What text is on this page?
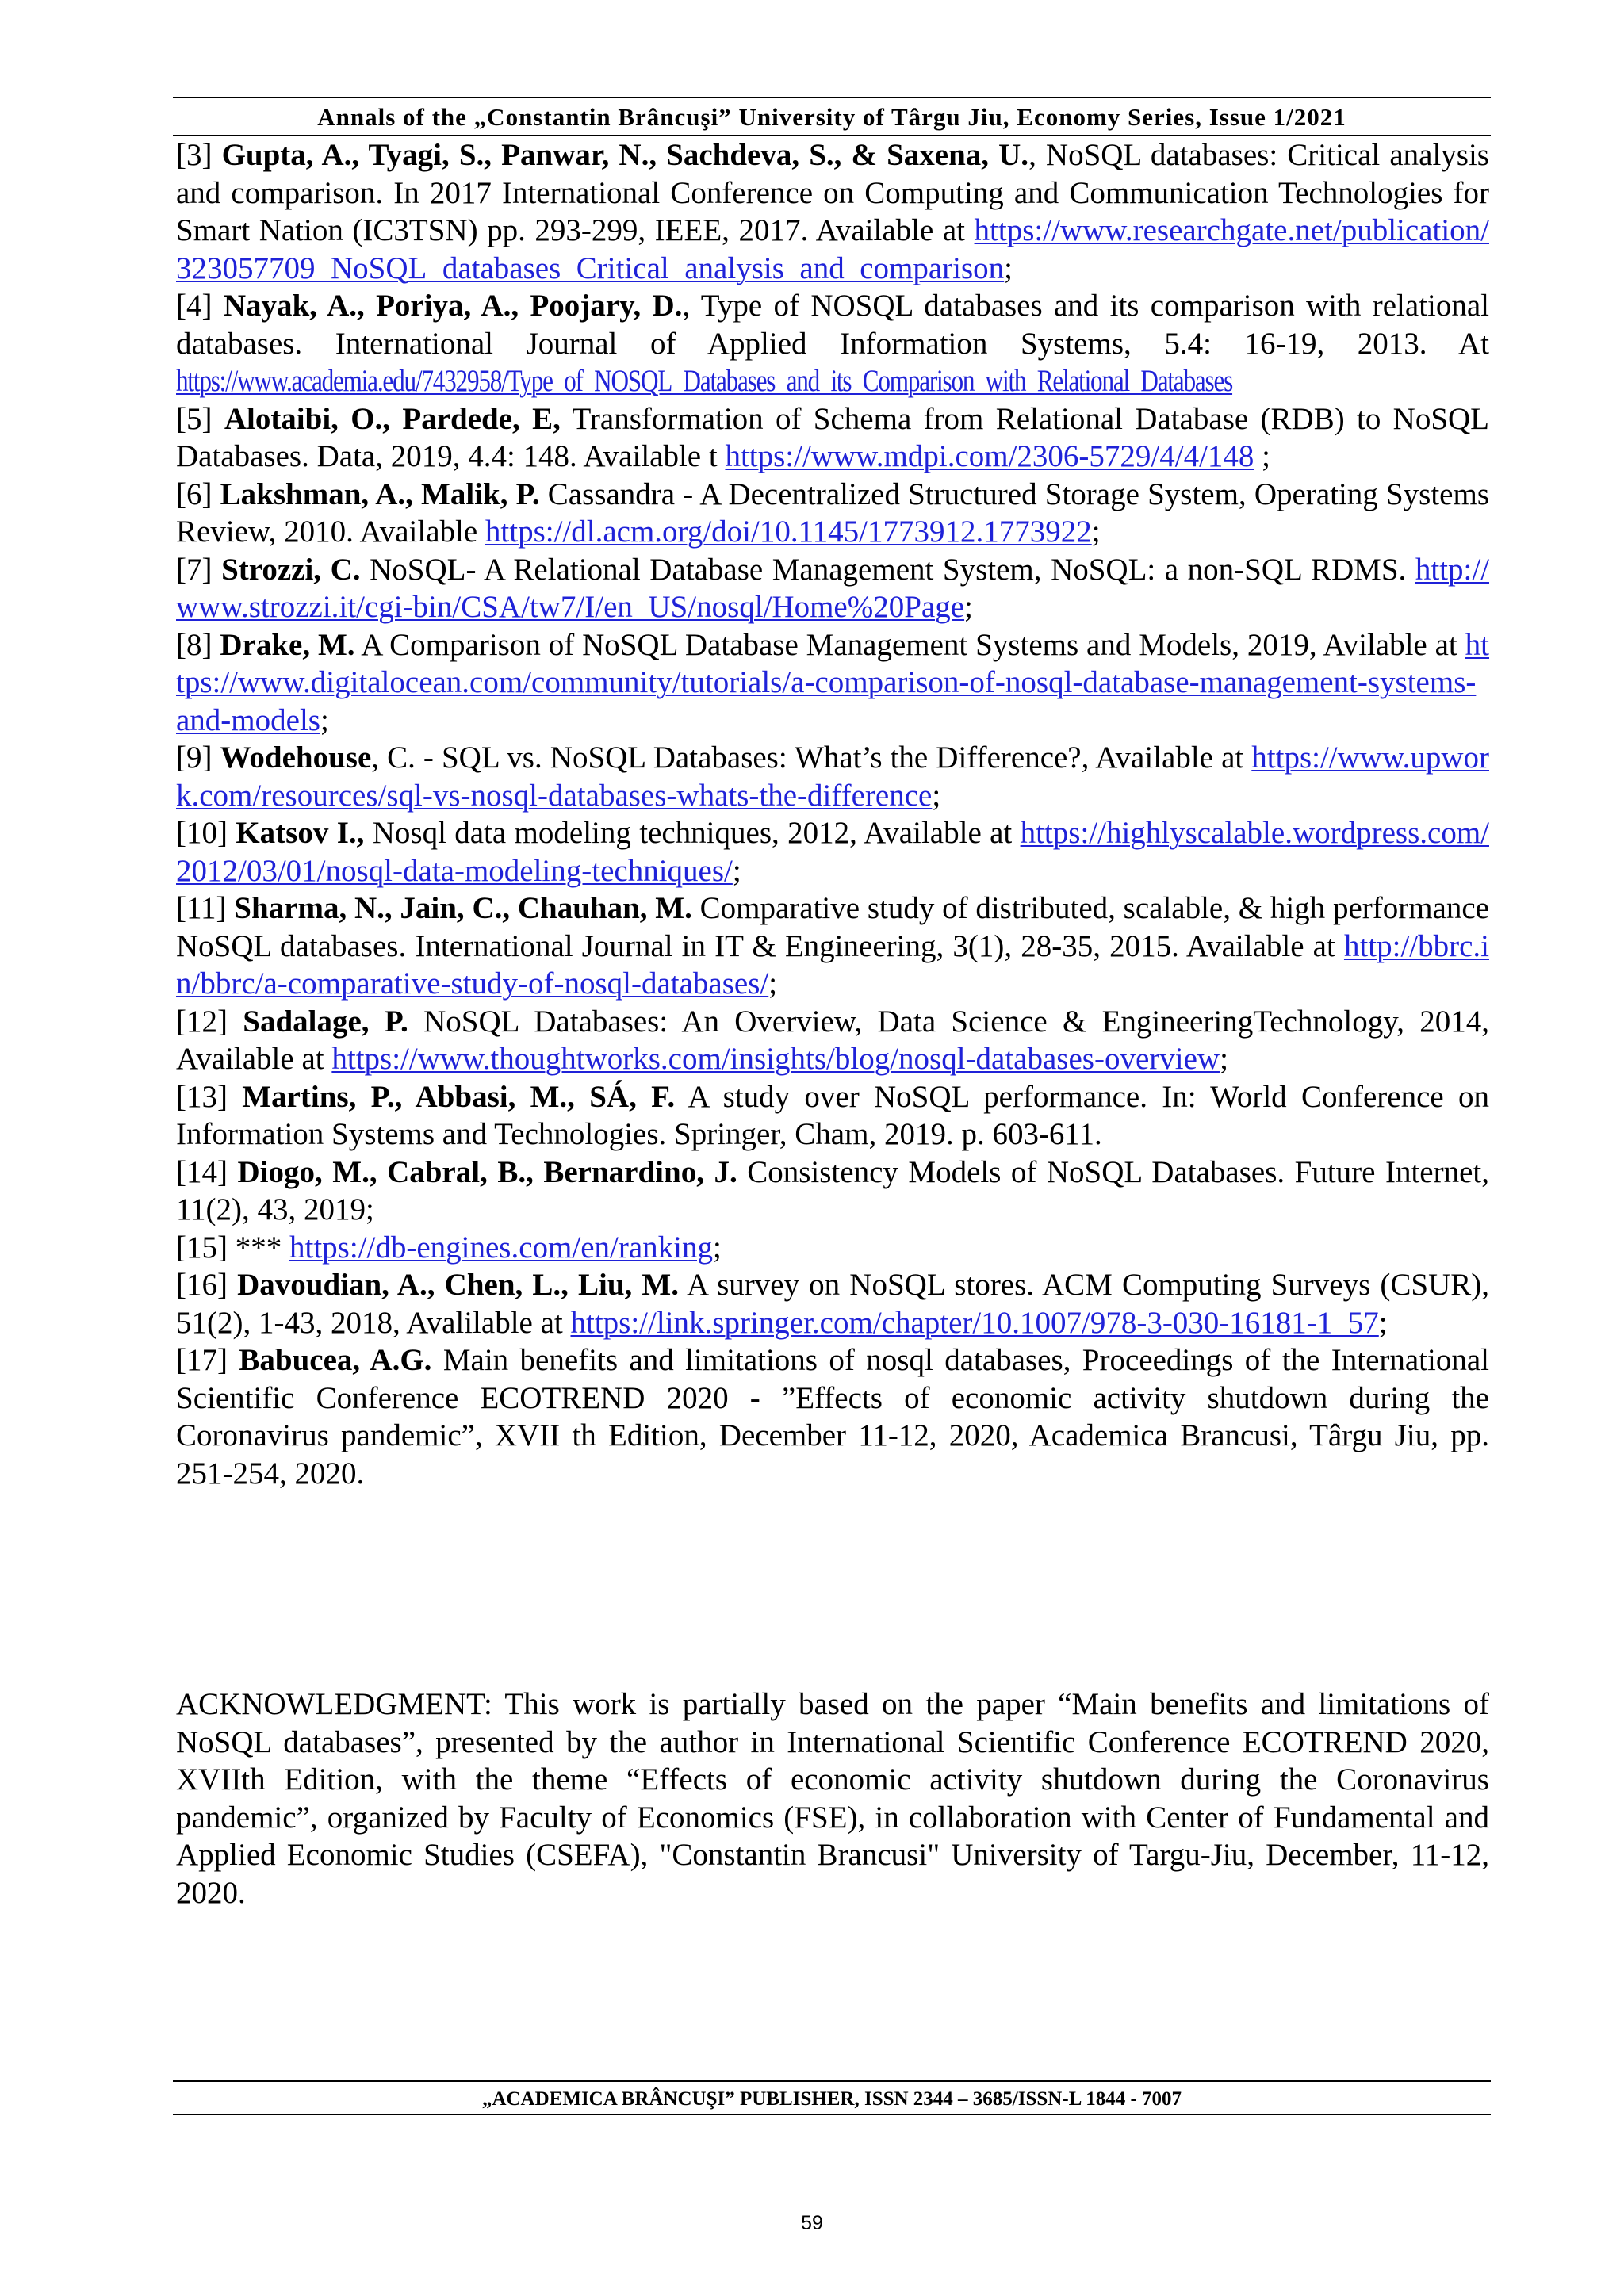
Annals of the „Constantin Brâncuşi” University of Târgu Jiu, Economy Series, Issue 1/2021

[3] Gupta, A., Tyagi, S., Panwar, N., Sachdeva, S., & Saxena, U., NoSQL databases: Critical analysis and comparison. In 2017 International Conference on Computing and Communication Technologies for Smart Nation (IC3TSN) pp. 293-299, IEEE, 2017. Available at https://www.researchgate.net/publication/323057709_NoSQL_databases_Critical_analysis_and_comparison;

[4] Nayak, A., Poriya, A., Poojary, D., Type of NOSQL databases and its comparison with relational databases. International Journal of Applied Information Systems, 5.4: 16-19, 2013. At https://www.academia.edu/7432958/Type_of_NOSQL_Databases_and_its_Comparison_with_Relational_Databases

[5] Alotaibi, O., Pardede, E, Transformation of Schema from Relational Database (RDB) to NoSQL Databases. Data, 2019, 4.4: 148. Available t https://www.mdpi.com/2306-5729/4/4/148 ;

[6] Lakshman, A., Malik, P. Cassandra - A Decentralized Structured Storage System, Operating Systems Review, 2010. Available https://dl.acm.org/doi/10.1145/1773912.1773922;

[7] Strozzi, C. NoSQL- A Relational Database Management System, NoSQL: a non-SQL RDMS. http://www.strozzi.it/cgi-bin/CSA/tw7/I/en_US/nosql/Home%20Page;

[8] Drake, M. A Comparison of NoSQL Database Management Systems and Models, 2019, Avilable at https://www.digitalocean.com/community/tutorials/a-comparison-of-nosql-database-management-systems-and-models;

[9] Wodehouse, C. - SQL vs. NoSQL Databases: What’s the Difference?, Available at https://www.upwork.com/resources/sql-vs-nosql-databases-whats-the-difference;

[10] Katsov I., Nosql data modeling techniques, 2012, Available at https://highlyscalable.wordpress.com/2012/03/01/nosql-data-modeling-techniques/;

[11] Sharma, N., Jain, C., Chauhan, M. Comparative study of distributed, scalable, & high performance NoSQL databases. International Journal in IT & Engineering, 3(1), 28-35, 2015. Available at http://bbrc.in/bbrc/a-comparative-study-of-nosql-databases/;

[12] Sadalage, P. NoSQL Databases: An Overview, Data Science & EngineeringTechnology, 2014, Available at https://www.thoughtworks.com/insights/blog/nosql-databases-overview;

[13] Martins, P., Abbasi, M., SÁ, F. A study over NoSQL performance. In: World Conference on Information Systems and Technologies. Springer, Cham, 2019. p. 603-611.

[14] Diogo, M., Cabral, B., Bernardino, J. Consistency Models of NoSQL Databases. Future Internet, 11(2), 43, 2019;

[15] *** https://db-engines.com/en/ranking;

[16] Davoudian, A., Chen, L., Liu, M. A survey on NoSQL stores. ACM Computing Surveys (CSUR), 51(2), 1-43, 2018, Avalilable at https://link.springer.com/chapter/10.1007/978-3-030-16181-1_57;

[17] Babucea, A.G. Main benefits and limitations of nosql databases, Proceedings of the International Scientific Conference ECOTREND 2020 - ”Effects of economic activity shutdown during the Coronavirus pandemic”, XVII th Edition, December 11-12, 2020, Academica Brancusi, Târgu Jiu, pp. 251-254, 2020.

ACKNOWLEDGMENT: This work is partially based on the paper “Main benefits and limitations of NoSQL databases”, presented by the author in International Scientific Conference ECOTREND 2020, XVIIth Edition, with the theme “Effects of economic activity shutdown during the Coronavirus pandemic”, organized by Faculty of Economics (FSE), in collaboration with Center of Fundamental and Applied Economic Studies (CSEFA), "Constantin Brancusi" University of Targu-Jiu, December, 11-12, 2020.
„ACADEMICA BRÂNCUŞI” PUBLISHER, ISSN 2344 – 3685/ISSN-L 1844 - 7007
59
